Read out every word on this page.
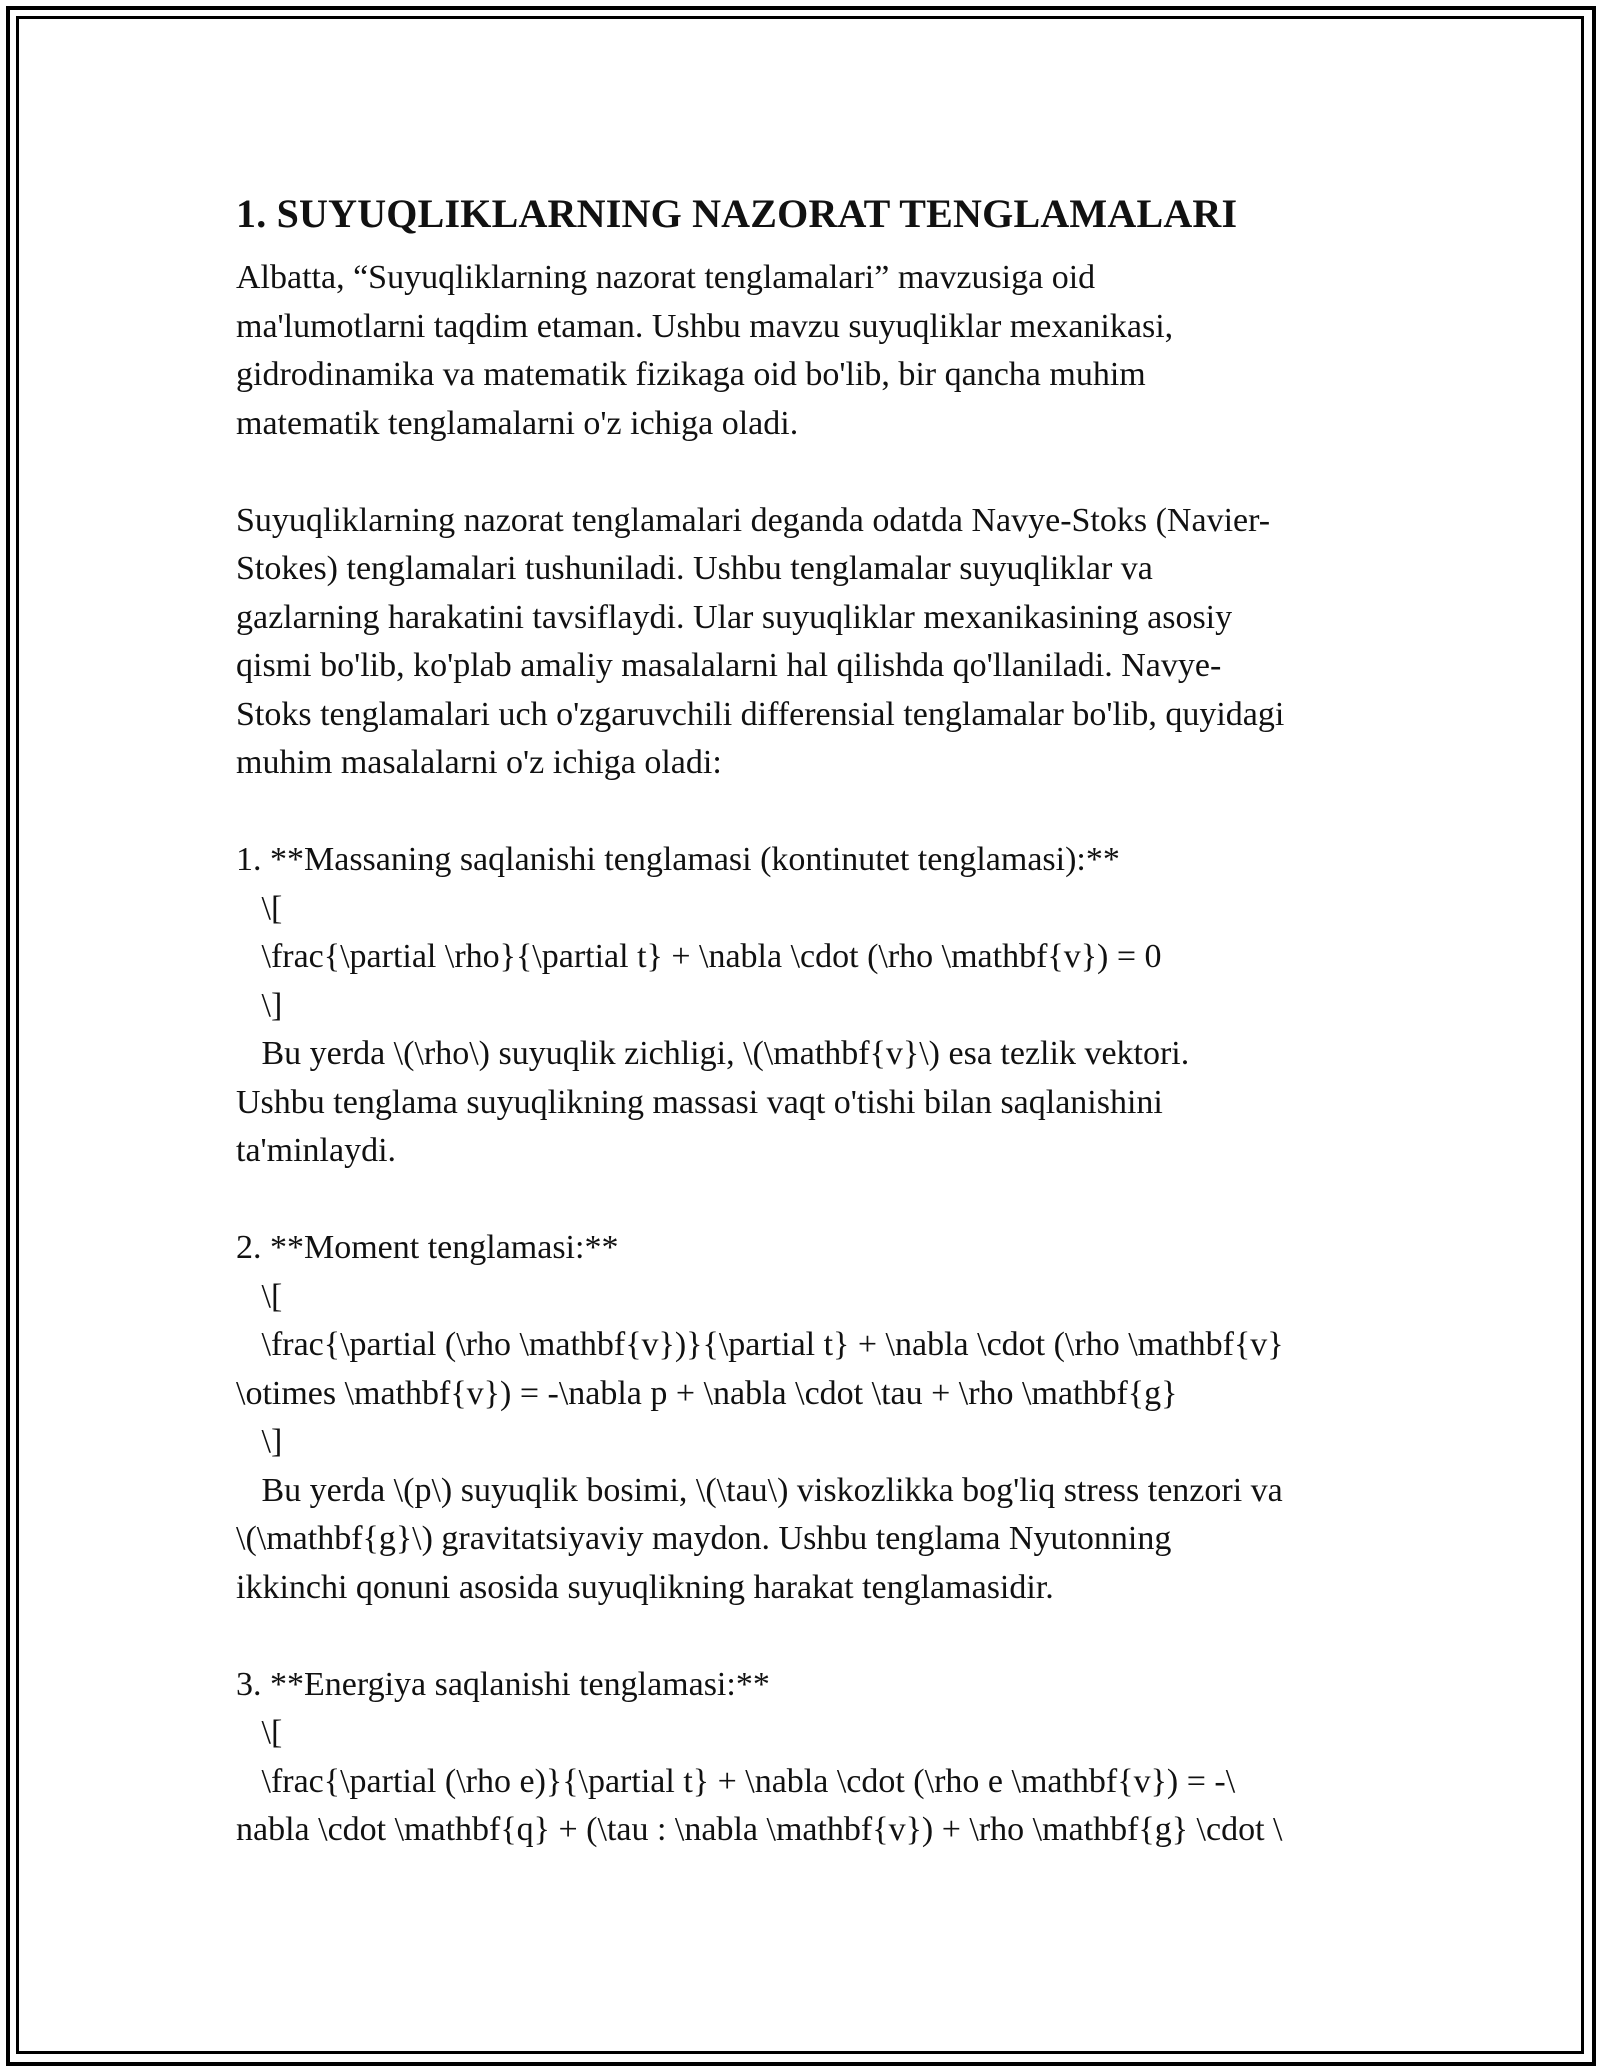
1. SUYUQLIKLARNING NAZORAT TENGLAMALARI

Albatta, “Suyuqliklarning nazorat tenglamalari” mavzusiga oid

ma'lumotlarni taqdim etaman. Ushbu mavzu suyuqliklar mexanikasi,

gidrodinamika va matematik fizikaga oid bo'lib, bir qancha muhim

matematik tenglamalarni o'z ichiga oladi.

Suyuqliklarning nazorat tenglamalari deganda odatda Navye-Stoks (Navier-

Stokes) tenglamalari tushuniladi. Ushbu tenglamalar suyuqliklar va

gazlarning harakatini tavsiflaydi. Ular suyuqliklar mexanikasining asosiy

qismi bo'lib, ko'plab amaliy masalalarni hal qilishda qo'llaniladi. Navye-

Stoks tenglamalari uch o'zgaruvchili differensial tenglamalar bo'lib, quyidagi

muhim masalalarni o'z ichiga oladi:

1. **Massaning saqlanishi tenglamasi (kontinutet tenglamasi):**

\[

\frac{\partial \rho}{\partial t} + \nabla \cdot (\rho \mathbf{v}) = 0

\]

Bu yerda \(\rho\) suyuqlik zichligi, \(\mathbf{v}\) esa tezlik vektori.

Ushbu tenglama suyuqlikning massasi vaqt o'tishi bilan saqlanishini

ta'minlaydi.

2. **Moment tenglamasi:**

\[

\frac{\partial (\rho \mathbf{v})}{\partial t} + \nabla \cdot (\rho \mathbf{v}

\otimes \mathbf{v}) = -\nabla p + \nabla \cdot \tau + \rho \mathbf{g}

\]

Bu yerda \(p\) suyuqlik bosimi, \(\tau\) viskozlikka bog'liq stress tenzori va

\(\mathbf{g}\) gravitatsiyaviy maydon. Ushbu tenglama Nyutonning

ikkinchi qonuni asosida suyuqlikning harakat tenglamasidir.

3. **Energiya saqlanishi tenglamasi:**

\[

\frac{\partial (\rho e)}{\partial t} + \nabla \cdot (\rho e \mathbf{v}) = -\

nabla \cdot \mathbf{q} + (\tau : \nabla \mathbf{v}) + \rho \mathbf{g} \cdot \
